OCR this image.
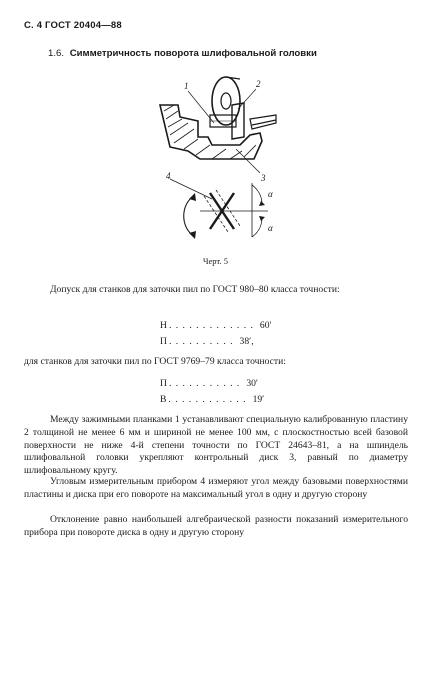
С. 4 ГОСТ 20404—88
1.6. Симметричность поворота шлифовальной головки
1	2
3
4
α
α
Черт. 5
Допуск для станков для заточки пил по ГОСТ 980–80 класса точности:
Н . . . . . . . . . . . . . 60′
П . . . . . . . . . . 38′,
для станков для заточки пил по ГОСТ 9769–79 класса точности:
П . . . . . . . . . . . 30′
В . . . . . . . . . . . . 19′
Между зажимными планками 1 устанавливают специальную калиброванную пластину 2 толщиной не менее 6 мм и шириной не менее 100 мм, с плоскостностью всей базовой поверхности не ниже 4-й степени точности по ГОСТ 24643–81, а на шпиндель шлифовальной головки укрепляют контрольный диск 3, равный по диаметру шлифовальному кругу.
Угловым измерительным прибором 4 измеряют угол между базовыми поверхностями пластины и диска при его повороте на максимальный угол в одну и другую сторону
Отклонение равно наибольшей алгебраической разности показаний измерительного прибора при повороте диска в одну и другую сторону
